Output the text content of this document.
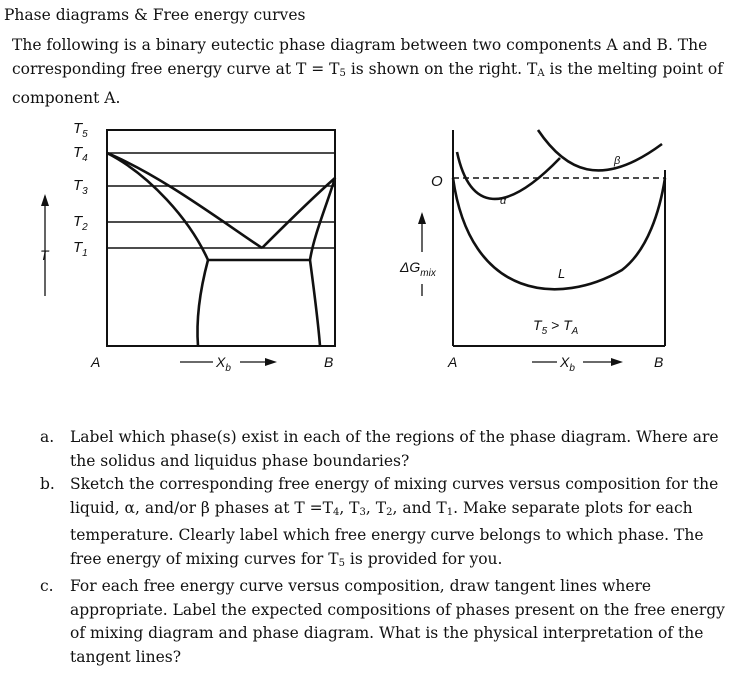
Phase diagrams & Free energy curves
The following is a binary eutectic phase diagram between two components A and B. The corresponding free energy curve at $T = T_5$ is shown on the right. $T_A$ is the melting point of component A.
$T_5$
$T_4$
$T_3$
$T_2$
$T_1$
T
A	B
$X_b$
O
$\Delta G_{mix}$
α
β
L
$T_5 > T_A$
A	B
$X_b$
a. Label which phase(s) exist in each of the regions of the phase diagram. Where are the solidus and liquidus phase boundaries?
b. Sketch the corresponding free energy of mixing curves versus composition for the liquid, α, and/or β phases at $T =T_4$, $T_3$, $T_2$, and $T_1$. Make separate plots for each temperature. Clearly label which free energy curve belongs to which phase. The free energy of mixing curves for $T_5$ is provided for you.
c. For each free energy curve versus composition, draw tangent lines where appropriate. Label the expected compositions of phases present on the free energy of mixing diagram and phase diagram. What is the physical interpretation of the tangent lines?
